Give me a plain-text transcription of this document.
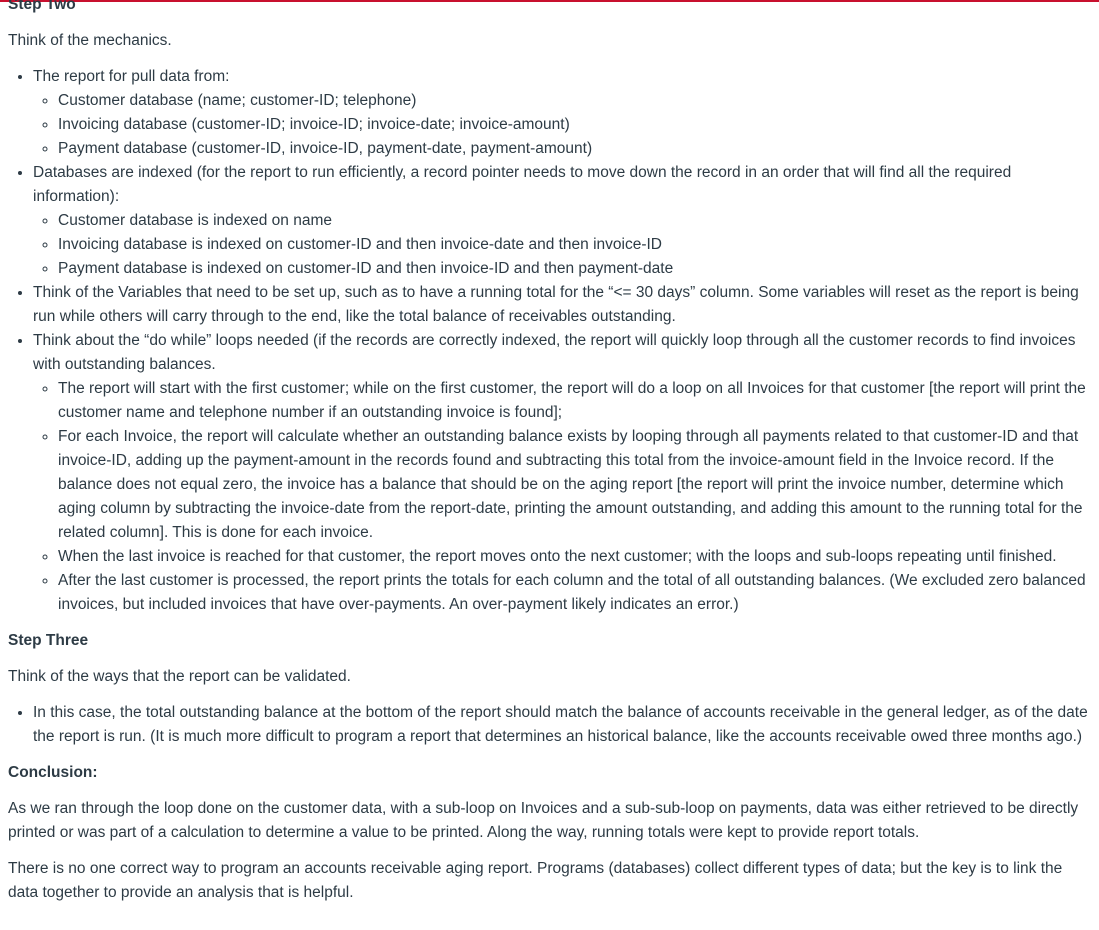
Step Two

Think of the mechanics.

• The report for pull data from:
◦ Customer database (name; customer-ID; telephone)
◦ Invoicing database (customer-ID; invoice-ID; invoice-date; invoice-amount)
◦ Payment database (customer-ID, invoice-ID, payment-date, payment-amount)
• Databases are indexed (for the report to run efficiently, a record pointer needs to move down the record in an order that will find all the required information):
◦ Customer database is indexed on name
◦ Invoicing database is indexed on customer-ID and then invoice-date and then invoice-ID
◦ Payment database is indexed on customer-ID and then invoice-ID and then payment-date
• Think of the Variables that need to be set up, such as to have a running total for the “<= 30 days” column. Some variables will reset as the report is being run while others will carry through to the end, like the total balance of receivables outstanding.
• Think about the “do while” loops needed (if the records are correctly indexed, the report will quickly loop through all the customer records to find invoices with outstanding balances.
◦ The report will start with the first customer; while on the first customer, the report will do a loop on all Invoices for that customer [the report will print the customer name and telephone number if an outstanding invoice is found];
◦ For each Invoice, the report will calculate whether an outstanding balance exists by looping through all payments related to that customer-ID and that invoice-ID, adding up the payment-amount in the records found and subtracting this total from the invoice-amount field in the Invoice record. If the balance does not equal zero, the invoice has a balance that should be on the aging report [the report will print the invoice number, determine which aging column by subtracting the invoice-date from the report-date, printing the amount outstanding, and adding this amount to the running total for the related column]. This is done for each invoice.
◦ When the last invoice is reached for that customer, the report moves onto the next customer; with the loops and sub-loops repeating until finished.
◦ After the last customer is processed, the report prints the totals for each column and the total of all outstanding balances. (We excluded zero balanced invoices, but included invoices that have over-payments. An over-payment likely indicates an error.)
Step Three

Think of the ways that the report can be validated.

• In this case, the total outstanding balance at the bottom of the report should match the balance of accounts receivable in the general ledger, as of the date the report is run. (It is much more difficult to program a report that determines an historical balance, like the accounts receivable owed three months ago.)
Conclusion:

As we ran through the loop done on the customer data, with a sub-loop on Invoices and a sub-sub-loop on payments, data was either retrieved to be directly printed or was part of a calculation to determine a value to be printed. Along the way, running totals were kept to provide report totals.

There is no one correct way to program an accounts receivable aging report. Programs (databases) collect different types of data; but the key is to link the data together to provide an analysis that is helpful.
